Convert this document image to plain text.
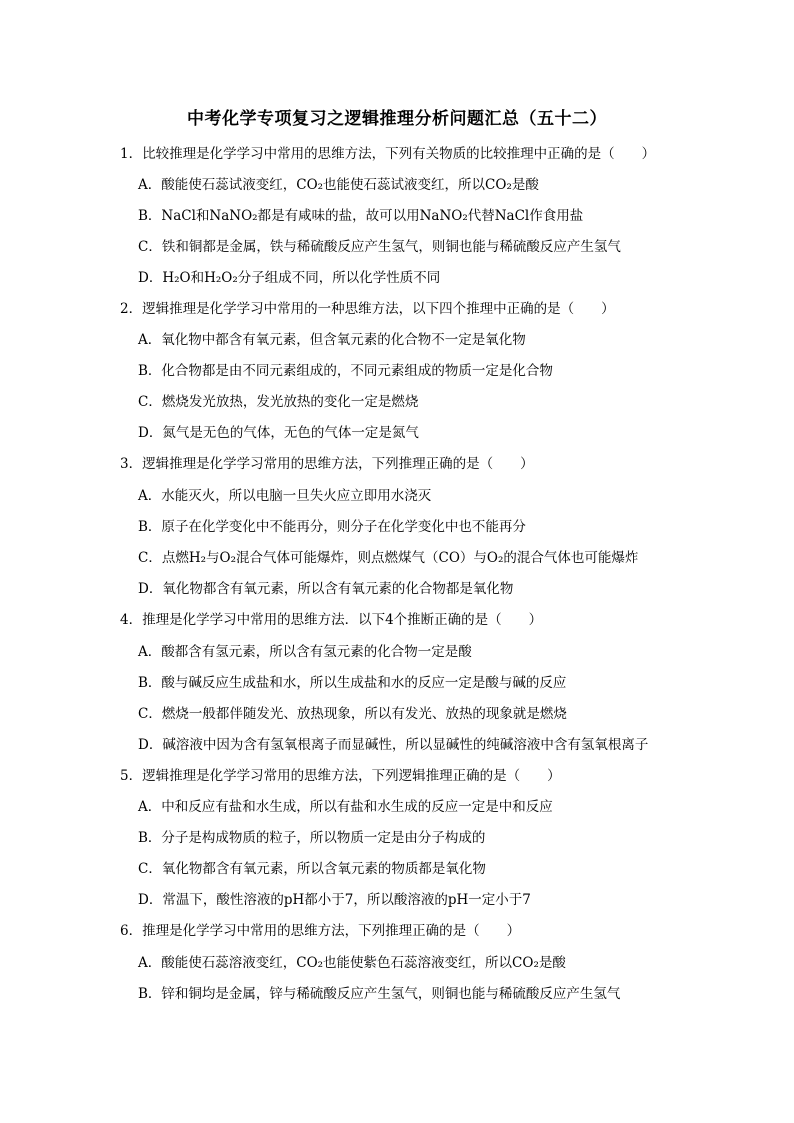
中考化学专项复习之逻辑推理分析问题汇总（五十二）
1．比较推理是化学学习中常用的思维方法，下列有关物质的比较推理中正确的是（　　）
A．酸能使石蕊试液变红，CO₂也能使石蕊试液变红，所以CO₂是酸
B．NaCl和NaNO₂都是有咸味的盐，故可以用NaNO₂代替NaCl作食用盐
C．铁和铜都是金属，铁与稀硫酸反应产生氢气，则铜也能与稀硫酸反应产生氢气
D．H₂O和H₂O₂分子组成不同，所以化学性质不同
2．逻辑推理是化学学习中常用的一种思维方法，以下四个推理中正确的是（　　）
A．氧化物中都含有氧元素，但含氧元素的化合物不一定是氧化物
B．化合物都是由不同元素组成的，不同元素组成的物质一定是化合物
C．燃烧发光放热，发光放热的变化一定是燃烧
D．氮气是无色的气体，无色的气体一定是氮气
3．逻辑推理是化学学习常用的思维方法，下列推理正确的是（　　）
A．水能灭火，所以电脑一旦失火应立即用水浇灭
B．原子在化学变化中不能再分，则分子在化学变化中也不能再分
C．点燃H₂与O₂混合气体可能爆炸，则点燃煤气（CO）与O₂的混合气体也可能爆炸
D．氧化物都含有氧元素，所以含有氧元素的化合物都是氧化物
4．推理是化学学习中常用的思维方法．以下4个推断正确的是（　　）
A．酸都含有氢元素，所以含有氢元素的化合物一定是酸
B．酸与碱反应生成盐和水，所以生成盐和水的反应一定是酸与碱的反应
C．燃烧一般都伴随发光、放热现象，所以有发光、放热的现象就是燃烧
D．碱溶液中因为含有氢氧根离子而显碱性，所以显碱性的纯碱溶液中含有氢氧根离子
5．逻辑推理是化学学习常用的思维方法，下列逻辑推理正确的是（　　）
A．中和反应有盐和水生成，所以有盐和水生成的反应一定是中和反应
B．分子是构成物质的粒子，所以物质一定是由分子构成的
C．氧化物都含有氧元素，所以含氧元素的物质都是氧化物
D．常温下，酸性溶液的pH都小于7，所以酸溶液的pH一定小于7
6．推理是化学学习中常用的思维方法，下列推理正确的是（　　）
A．酸能使石蕊溶液变红，CO₂也能使紫色石蕊溶液变红，所以CO₂是酸
B．锌和铜均是金属，锌与稀硫酸反应产生氢气，则铜也能与稀硫酸反应产生氢气
